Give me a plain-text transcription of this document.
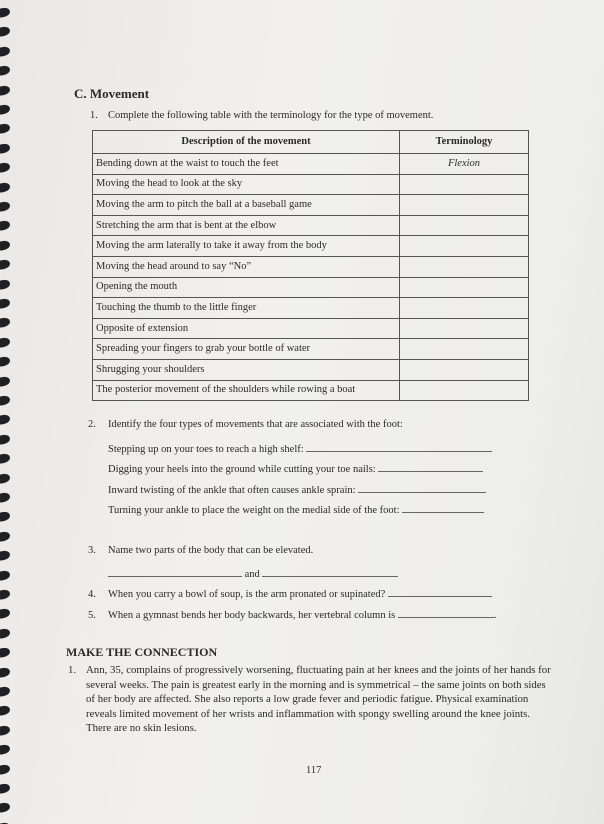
C. Movement
1. Complete the following table with the terminology for the type of movement.
Description of the movement	Terminology
Bending down at the waist to touch the feet	Flexion
Moving the head to look at the sky	
Moving the arm to pitch the ball at a baseball game	
Stretching the arm that is bent at the elbow	
Moving the arm laterally to take it away from the body	
Moving the head around to say “No”	
Opening the mouth	
Touching the thumb to the little finger	
Opposite of extension	
Spreading your fingers to grab your bottle of water	
Shrugging your shoulders	
The posterior movement of the shoulders while rowing a boat	
2. Identify the four types of movements that are associated with the foot:
Stepping up on your toes to reach a high shelf:
Digging your heels into the ground while cutting your toe nails:
Inward twisting of the ankle that often causes ankle sprain:
Turning your ankle to place the weight on the medial side of the foot:
3. Name two parts of the body that can be elevated.
and
4. When you carry a bowl of soup, is the arm pronated or supinated?
5. When a gymnast bends her body backwards, her vertebral column is	.
MAKE THE CONNECTION
1. Ann, 35, complains of progressively worsening, fluctuating pain at her knees and the joints of her hands for several weeks. The pain is greatest early in the morning and is symmetrical – the same joints on both sides of her body are affected. She also reports a low grade fever and periodic fatigue. Physical examination reveals limited movement of her wrists and inflammation with spongy swelling around the knee joints. There are no skin lesions.
117
